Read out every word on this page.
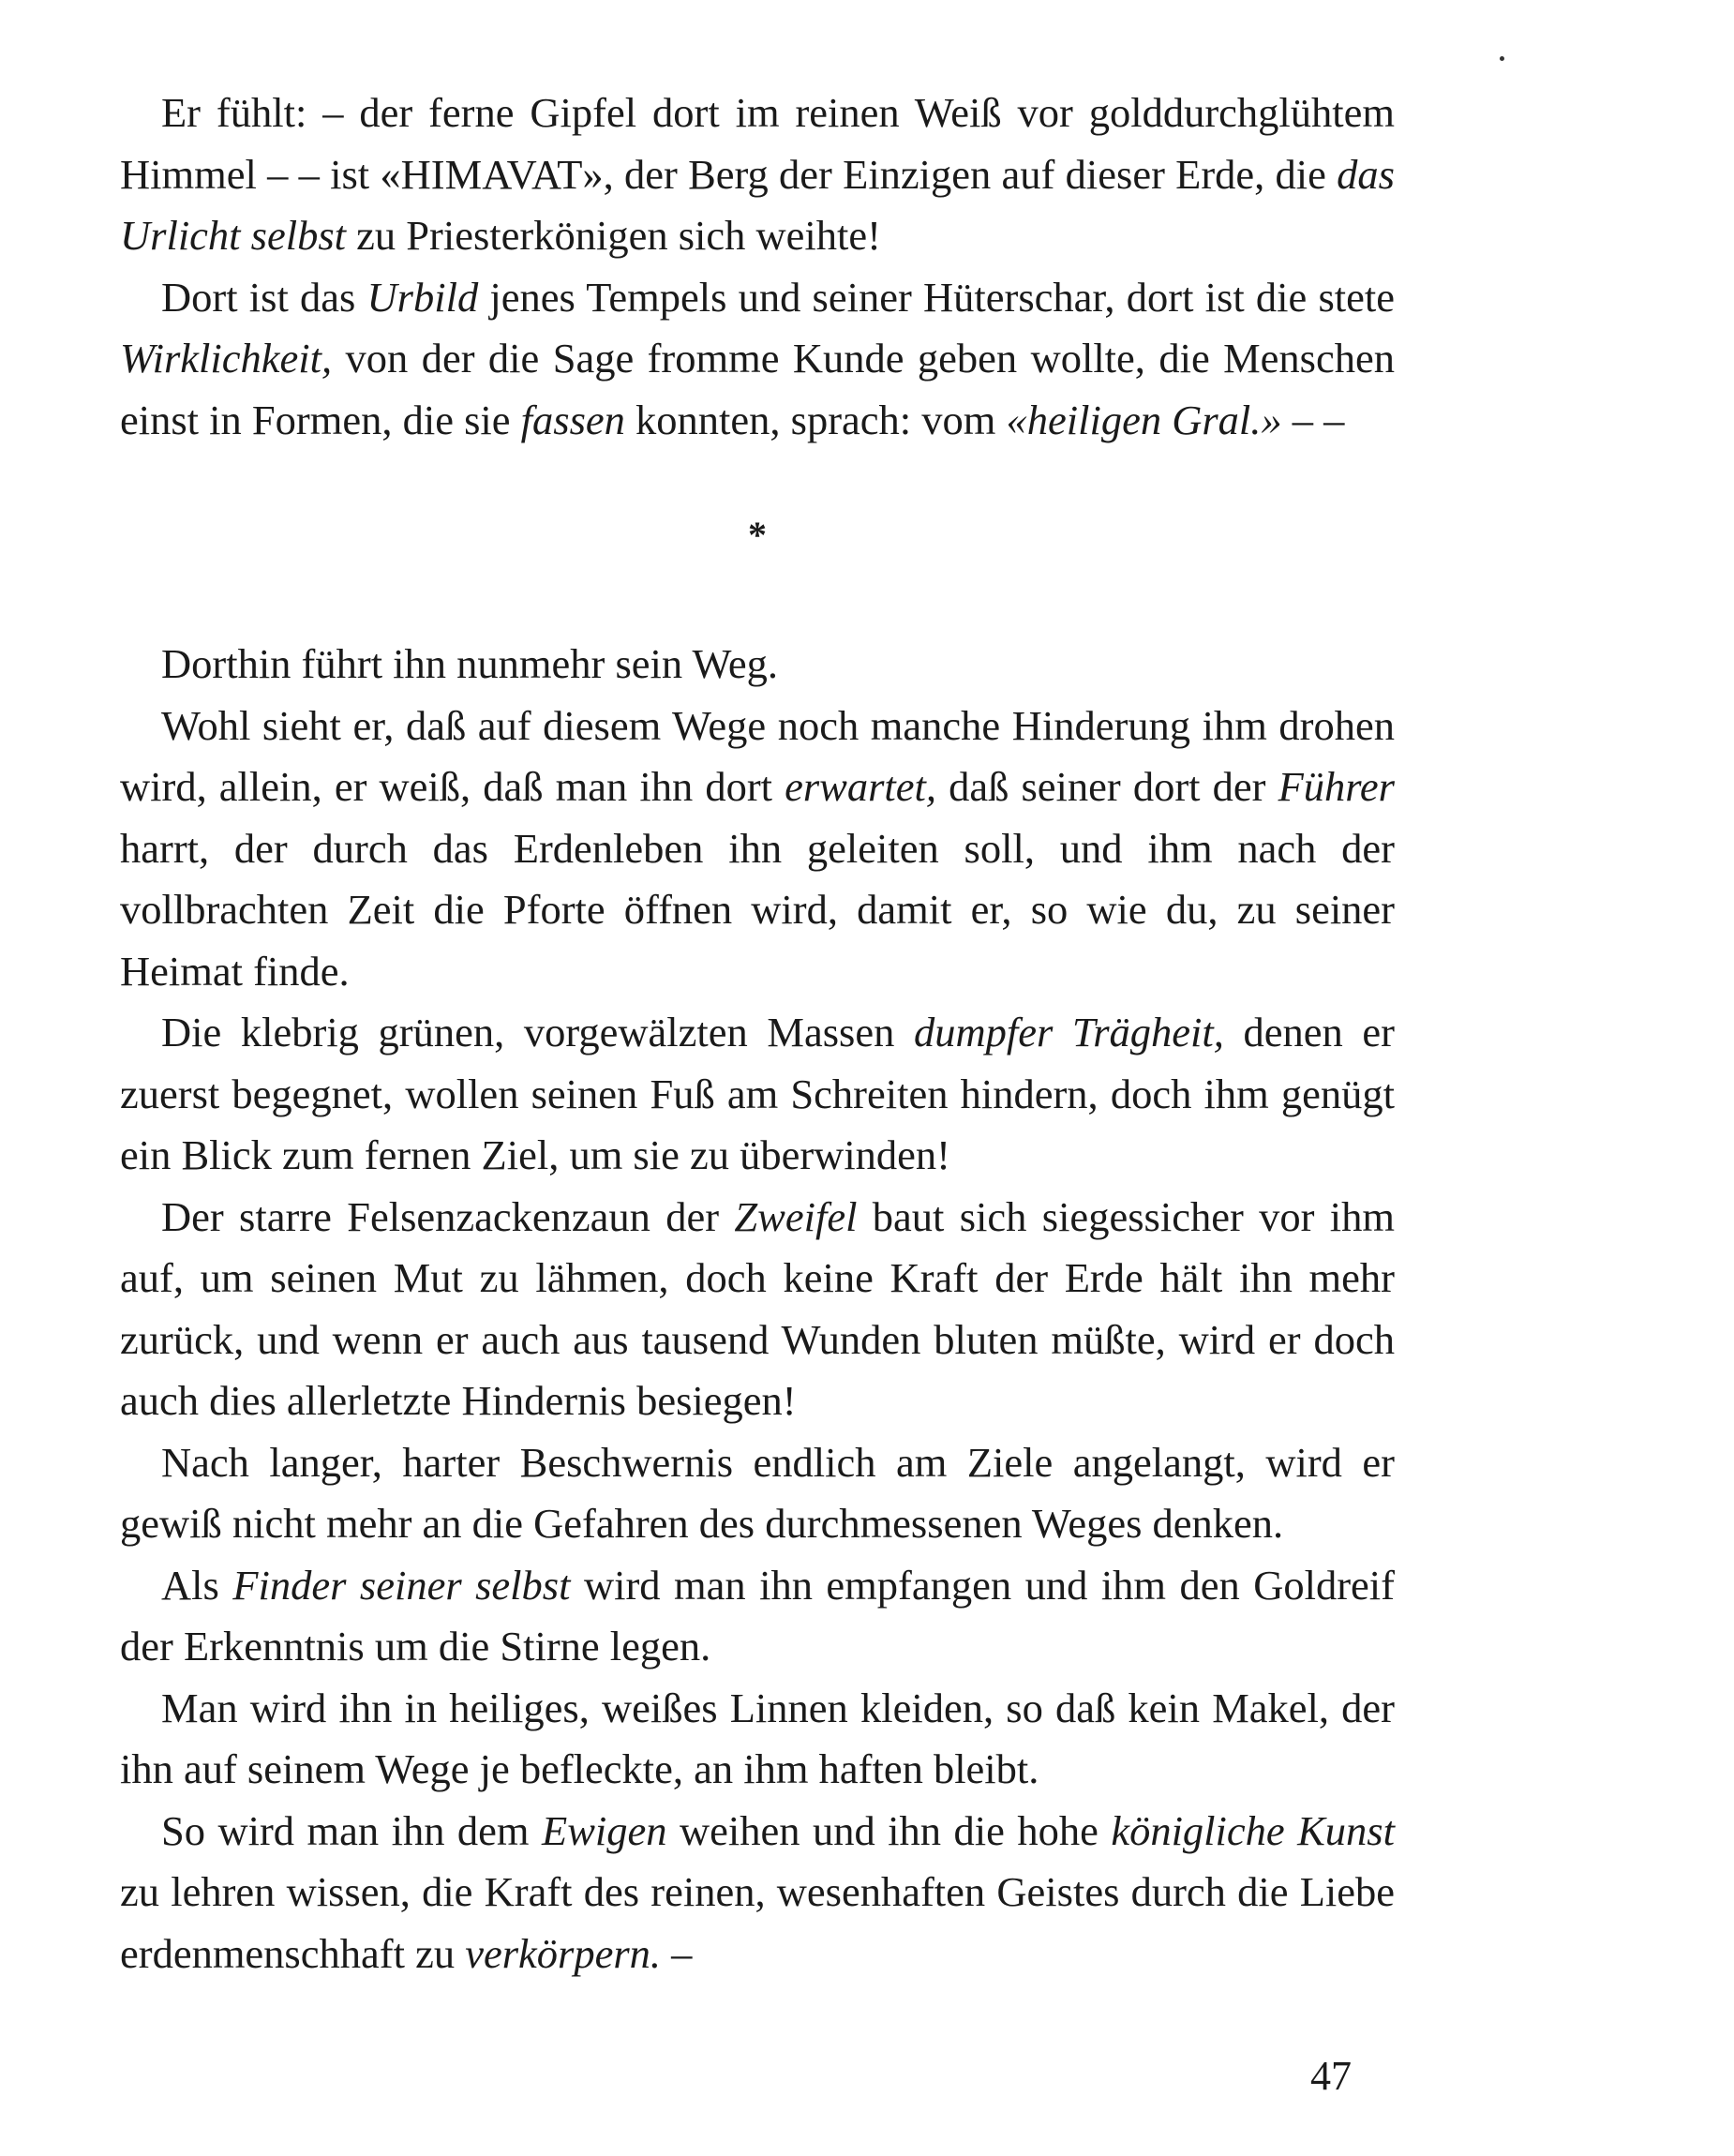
Er fühlt: – der ferne Gipfel dort im reinen Weiß vor golddurchglühtem Himmel – – ist «HIMAVAT», der Berg der Einzigen auf dieser Erde, die das Urlicht selbst zu Priesterkönigen sich weihte!

Dort ist das Urbild jenes Tempels und seiner Hüterschar, dort ist die stete Wirklichkeit, von der die Sage fromme Kunde geben wollte, die Menschen einst in Formen, die sie fassen konnten, sprach: vom «heiligen Gral.» – –

*

Dorthin führt ihn nunmehr sein Weg.

Wohl sieht er, daß auf diesem Wege noch manche Hinderung ihm drohen wird, allein, er weiß, daß man ihn dort erwartet, daß seiner dort der Führer harrt, der durch das Erdenleben ihn geleiten soll, und ihm nach der vollbrachten Zeit die Pforte öffnen wird, damit er, so wie du, zu seiner Heimat finde.

Die klebrig grünen, vorgewälzten Massen dumpfer Trägheit, denen er zuerst begegnet, wollen seinen Fuß am Schreiten hindern, doch ihm genügt ein Blick zum fernen Ziel, um sie zu überwinden!

Der starre Felsenzackenzaun der Zweifel baut sich siegessicher vor ihm auf, um seinen Mut zu lähmen, doch keine Kraft der Erde hält ihn mehr zurück, und wenn er auch aus tausend Wunden bluten müßte, wird er doch auch dies allerletzte Hindernis besiegen!

Nach langer, harter Beschwernis endlich am Ziele angelangt, wird er gewiß nicht mehr an die Gefahren des durchmessenen Weges denken.

Als Finder seiner selbst wird man ihn empfangen und ihm den Goldreif der Erkenntnis um die Stirne legen.

Man wird ihn in heiliges, weißes Linnen kleiden, so daß kein Makel, der ihn auf seinem Wege je befleckte, an ihm haften bleibt.

So wird man ihn dem Ewigen weihen und ihn die hohe königliche Kunst zu lehren wissen, die Kraft des reinen, wesenhaften Geistes durch die Liebe erdenmenschhaft zu verkörpern. –

47
